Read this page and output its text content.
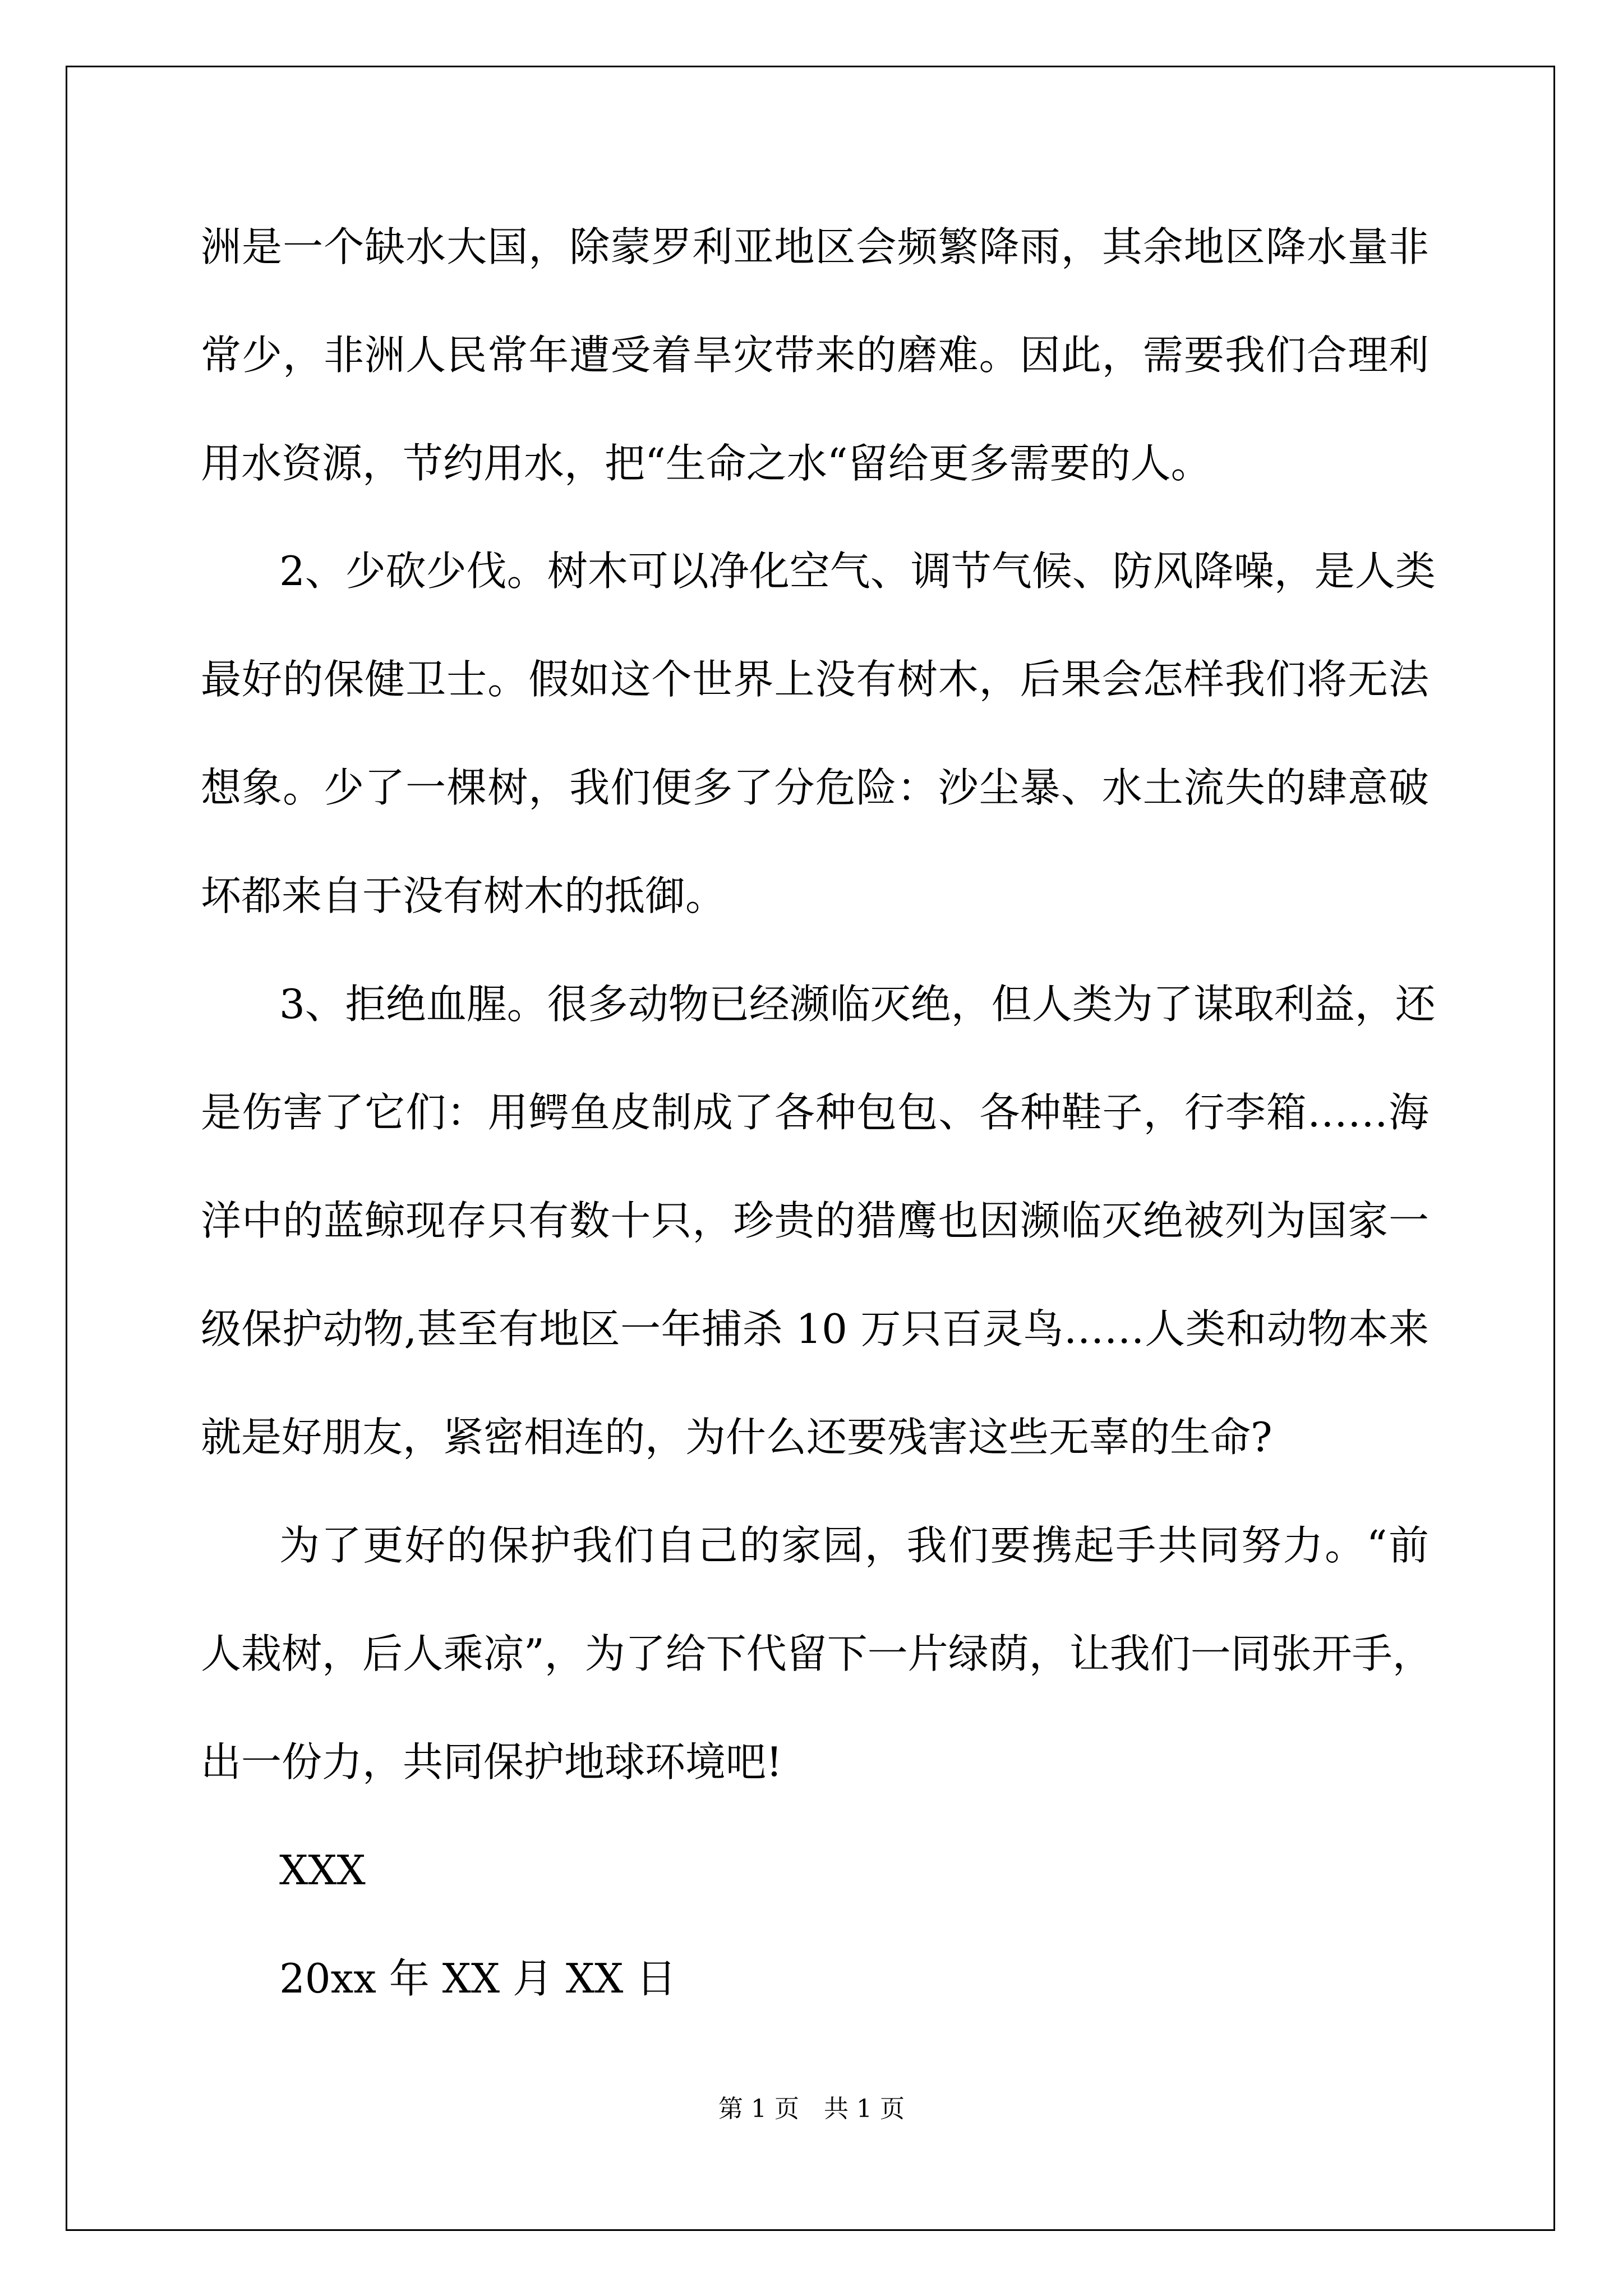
洲是一个缺水大国，除蒙罗利亚地区会频繁降雨，其余地区降水量非
常少，非洲人民常年遭受着旱灾带来的磨难。因此，需要我们合理利
用水资源，节约用水，把“生命之水“留给更多需要的人。
2、少砍少伐。树木可以净化空气、调节气候、防风降噪，是人类
最好的保健卫士。假如这个世界上没有树木，后果会怎样我们将无法
想象。少了一棵树，我们便多了分危险：沙尘暴、水土流失的肆意破
坏都来自于没有树木的抵御。
3、拒绝血腥。很多动物已经濒临灭绝，但人类为了谋取利益，还
是伤害了它们：用鳄鱼皮制成了各种包包、各种鞋子，行李箱……海
洋中的蓝鲸现存只有数十只，珍贵的猎鹰也因濒临灭绝被列为国家一
级保护动物,甚至有地区一年捕杀 10 万只百灵鸟……人类和动物本来
就是好朋友，紧密相连的，为什么还要残害这些无辜的生命?
为了更好的保护我们自己的家园，我们要携起手共同努力。“前
人栽树，后人乘凉”，为了给下代留下一片绿荫，让我们一同张开手，
出一份力，共同保护地球环境吧!
XXX
20xx 年 XX 月 XX 日
第 1 页　共 1 页
